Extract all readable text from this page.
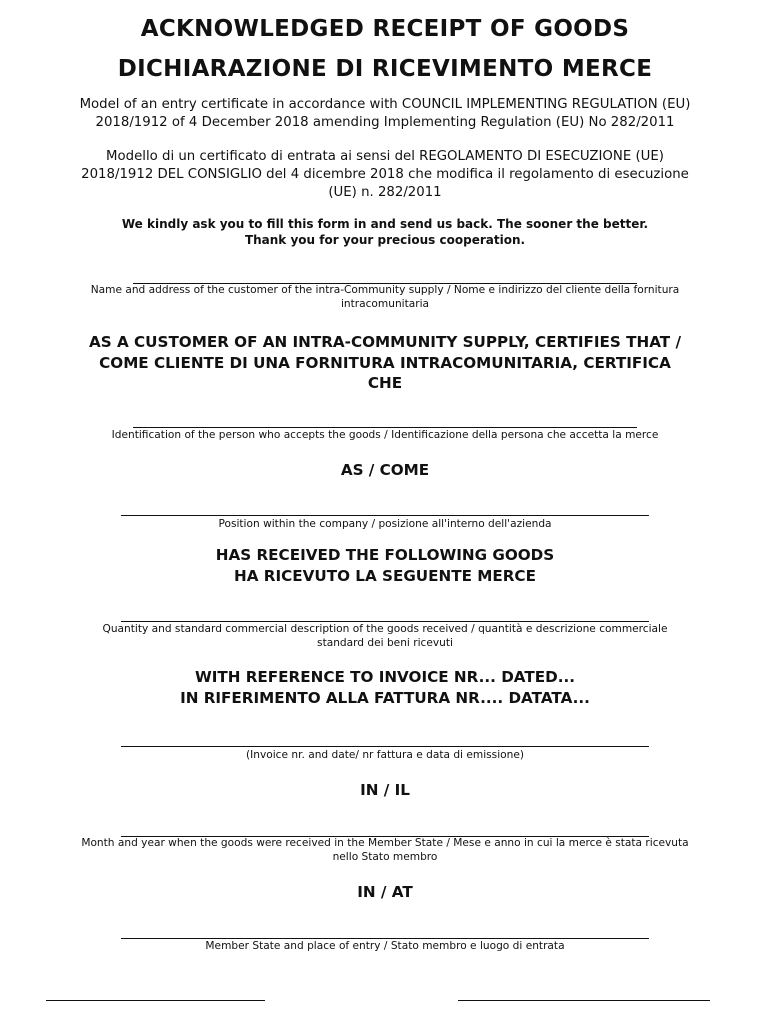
ACKNOWLEDGED RECEIPT OF GOODS
DICHIARAZIONE DI RICEVIMENTO MERCE
Model of an entry certificate in accordance with COUNCIL IMPLEMENTING REGULATION (EU)
2018/1912 of 4 December 2018 amending Implementing Regulation (EU) No 282/2011
Modello di un certificato di entrata ai sensi del REGOLAMENTO DI ESECUZIONE (UE)
2018/1912 DEL CONSIGLIO del 4 dicembre 2018 che modifica il regolamento di esecuzione
(UE) n. 282/2011
We kindly ask you to fill this form in and send us back. The sooner the better.
Thank you for your precious cooperation.
Name and address of the customer of the intra-Community supply / Nome e indirizzo del cliente della fornitura
intracomunitaria
AS A CUSTOMER OF AN INTRA-COMMUNITY SUPPLY, CERTIFIES THAT /
COME CLIENTE DI UNA FORNITURA INTRACOMUNITARIA, CERTIFICA
CHE
Identification of the person who accepts the goods / Identificazione della persona che accetta la merce
AS / COME
Position within the company / posizione all'interno dell'azienda
HAS RECEIVED THE FOLLOWING GOODS
HA RICEVUTO LA SEGUENTE MERCE
Quantity and standard commercial description of the goods received / quantità e descrizione commerciale
standard dei beni ricevuti
WITH REFERENCE TO INVOICE NR... DATED...
IN RIFERIMENTO ALLA FATTURA NR.... DATATA...
(Invoice nr. and date/ nr fattura e data di emissione)
IN / IL
Month and year when the goods were received in the Member State / Mese e anno in cui la merce è stata ricevuta
nello Stato membro
IN / AT
Member State and place of entry / Stato membro e luogo di entrata
